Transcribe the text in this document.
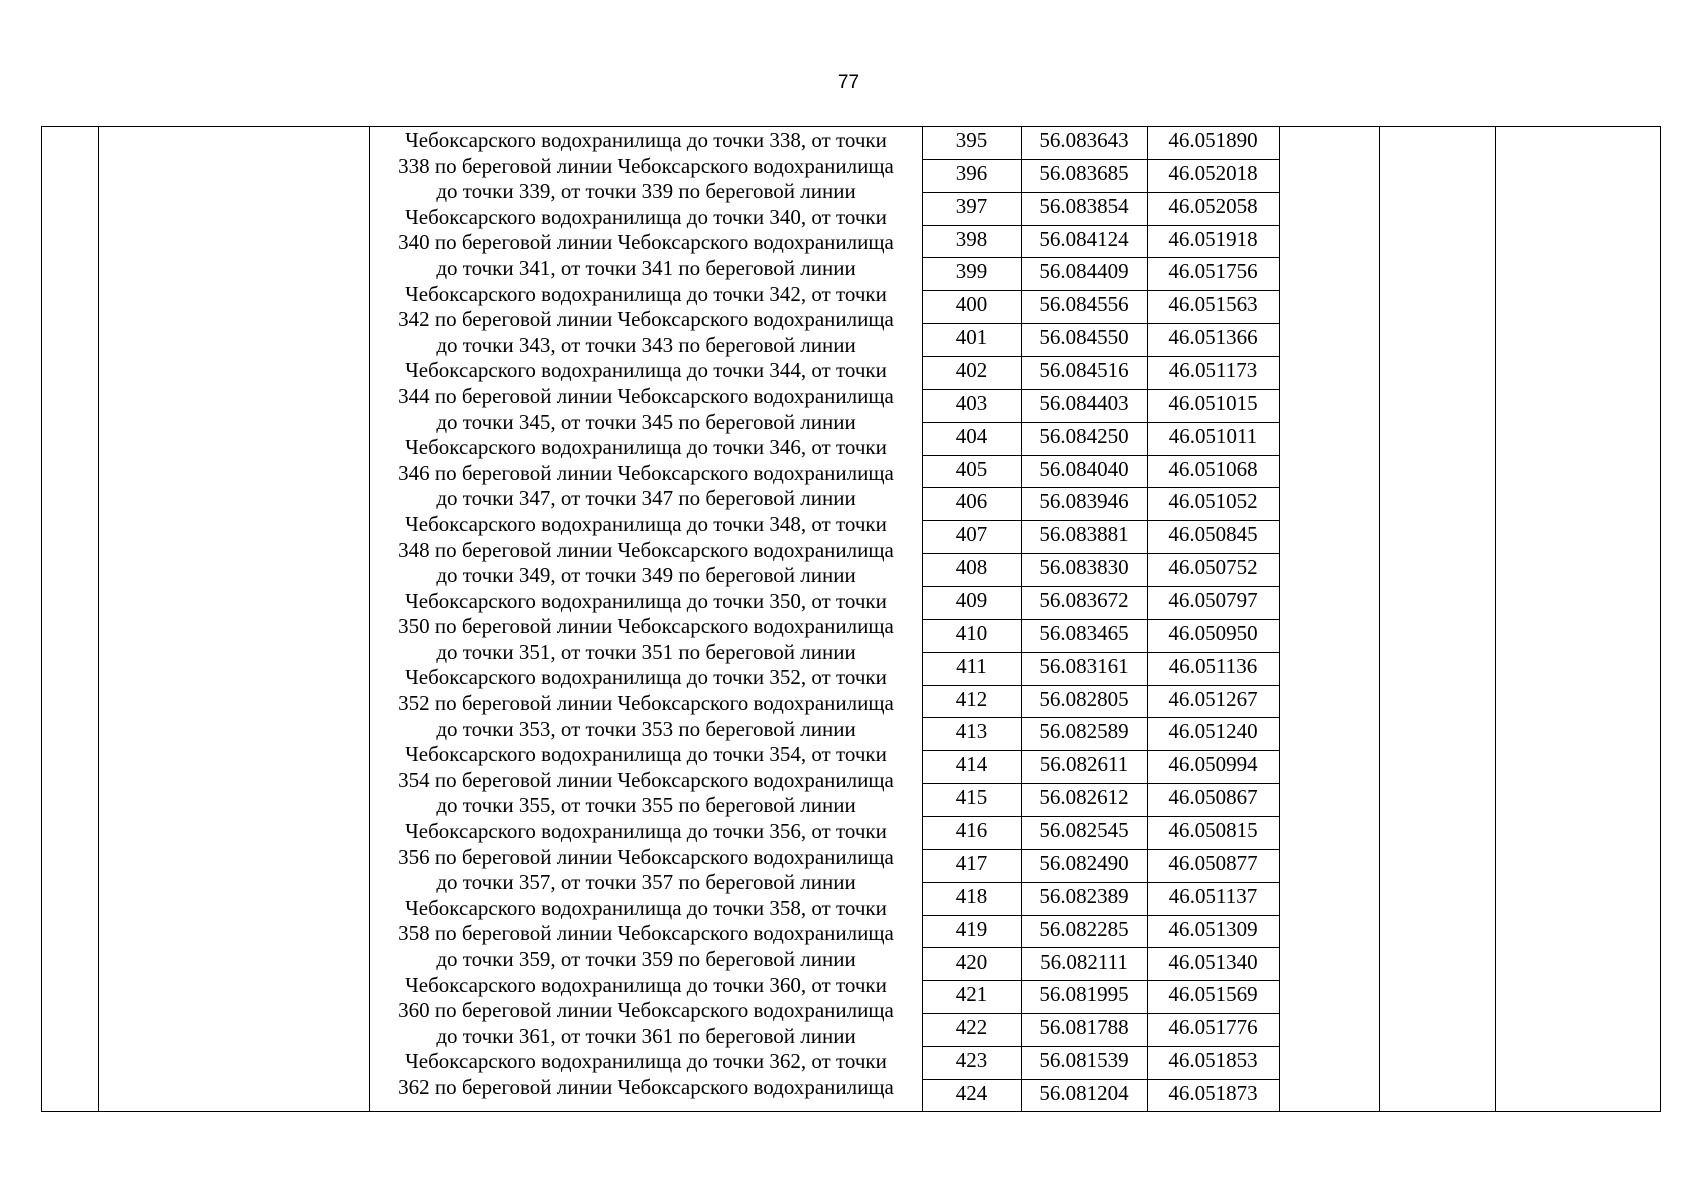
77
Чебоксарского водохранилища до точки 338, от точки
338 по береговой линии Чебоксарского водохранилища
до точки 339, от точки 339 по береговой линии
Чебоксарского водохранилища до точки 340, от точки
340 по береговой линии Чебоксарского водохранилища
до точки 341, от точки 341 по береговой линии
Чебоксарского водохранилища до точки 342, от точки
342 по береговой линии Чебоксарского водохранилища
до точки 343, от точки 343 по береговой линии
Чебоксарского водохранилища до точки 344, от точки
344 по береговой линии Чебоксарского водохранилища
до точки 345, от точки 345 по береговой линии
Чебоксарского водохранилища до точки 346, от точки
346 по береговой линии Чебоксарского водохранилища
до точки 347, от точки 347 по береговой линии
Чебоксарского водохранилища до точки 348, от точки
348 по береговой линии Чебоксарского водохранилища
до точки 349, от точки 349 по береговой линии
Чебоксарского водохранилища до точки 350, от точки
350 по береговой линии Чебоксарского водохранилища
до точки 351, от точки 351 по береговой линии
Чебоксарского водохранилища до точки 352, от точки
352 по береговой линии Чебоксарского водохранилища
до точки 353, от точки 353 по береговой линии
Чебоксарского водохранилища до точки 354, от точки
354 по береговой линии Чебоксарского водохранилища
до точки 355, от точки 355 по береговой линии
Чебоксарского водохранилища до точки 356, от точки
356 по береговой линии Чебоксарского водохранилища
до точки 357, от точки 357 по береговой линии
Чебоксарского водохранилища до точки 358, от точки
358 по береговой линии Чебоксарского водохранилища
до точки 359, от точки 359 по береговой линии
Чебоксарского водохранилища до точки 360, от точки
360 по береговой линии Чебоксарского водохранилища
до точки 361, от точки 361 по береговой линии
Чебоксарского водохранилища до точки 362, от точки
362 по береговой линии Чебоксарского водохранилища
395	56.083643	46.051890
396	56.083685	46.052018
397	56.083854	46.052058
398	56.084124	46.051918
399	56.084409	46.051756
400	56.084556	46.051563
401	56.084550	46.051366
402	56.084516	46.051173
403	56.084403	46.051015
404	56.084250	46.051011
405	56.084040	46.051068
406	56.083946	46.051052
407	56.083881	46.050845
408	56.083830	46.050752
409	56.083672	46.050797
410	56.083465	46.050950
411	56.083161	46.051136
412	56.082805	46.051267
413	56.082589	46.051240
414	56.082611	46.050994
415	56.082612	46.050867
416	56.082545	46.050815
417	56.082490	46.050877
418	56.082389	46.051137
419	56.082285	46.051309
420	56.082111	46.051340
421	56.081995	46.051569
422	56.081788	46.051776
423	56.081539	46.051853
424	56.081204	46.051873
